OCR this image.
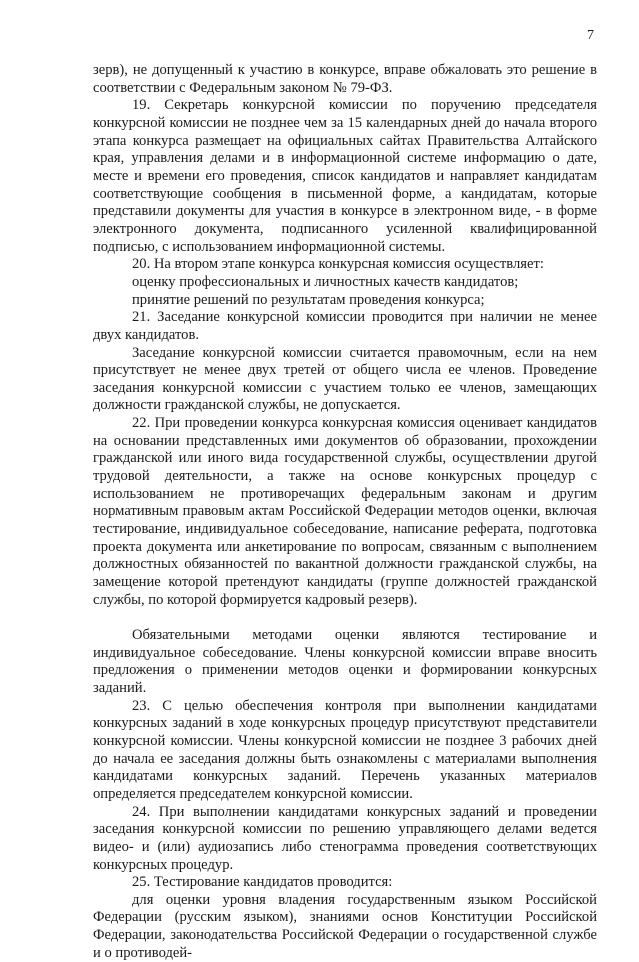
7

зерв), не допущенный к участию в конкурсе, вправе обжаловать это решение в соответствии с Федеральным законом № 79-ФЗ.

19. Секретарь конкурсной комиссии по поручению председателя конкурсной комиссии не позднее чем за 15 календарных дней до начала второго этапа конкурса размещает на официальных сайтах Правительства Алтайского края, управления делами и в информационной системе информацию о дате, месте и времени его проведения, список кандидатов и направляет кандидатам соответствующие сообщения в письменной форме, а кандидатам, которые представили документы для участия в конкурсе в электронном виде, - в форме электронного документа, подписанного усиленной квалифицированной подписью, с использованием информационной системы.

20. На втором этапе конкурса конкурсная комиссия осуществляет:

оценку профессиональных и личностных качеств кандидатов;

принятие решений по результатам проведения конкурса;

21. Заседание конкурсной комиссии проводится при наличии не менее двух кандидатов.

Заседание конкурсной комиссии считается правомочным, если на нем присутствует не менее двух третей от общего числа ее членов. Проведение заседания конкурсной комиссии с участием только ее членов, замещающих должности гражданской службы, не допускается.

22. При проведении конкурса конкурсная комиссия оценивает кандидатов на основании представленных ими документов об образовании, прохождении гражданской или иного вида государственной службы, осуществлении другой трудовой деятельности, а также на основе конкурсных процедур с использованием не противоречащих федеральным законам и другим нормативным правовым актам Российской Федерации методов оценки, включая тестирование, индивидуальное собеседование, написание реферата, подготовка проекта документа или анкетирование по вопросам, связанным с выполнением должностных обязанностей по вакантной должности гражданской службы, на замещение которой претендуют кандидаты (группе должностей гражданской службы, по которой формируется кадровый резерв).

Обязательными методами оценки являются тестирование и индивидуальное собеседование. Члены конкурсной комиссии вправе вносить предложения о применении методов оценки и формировании конкурсных заданий.

23. С целью обеспечения контроля при выполнении кандидатами конкурсных заданий в ходе конкурсных процедур присутствуют представители конкурсной комиссии. Члены конкурсной комиссии не позднее 3 рабочих дней до начала ее заседания должны быть ознакомлены с материалами выполнения кандидатами конкурсных заданий. Перечень указанных материалов определяется председателем конкурсной комиссии.

24. При выполнении кандидатами конкурсных заданий и проведении заседания конкурсной комиссии по решению управляющего делами ведется видео- и (или) аудиозапись либо стенограмма проведения соответствующих конкурсных процедур.

25. Тестирование кандидатов проводится:

для оценки уровня владения государственным языком Российской Федерации (русским языком), знаниями основ Конституции Российской Федерации, законодательства Российской Федерации о государственной службе и о противодей-
